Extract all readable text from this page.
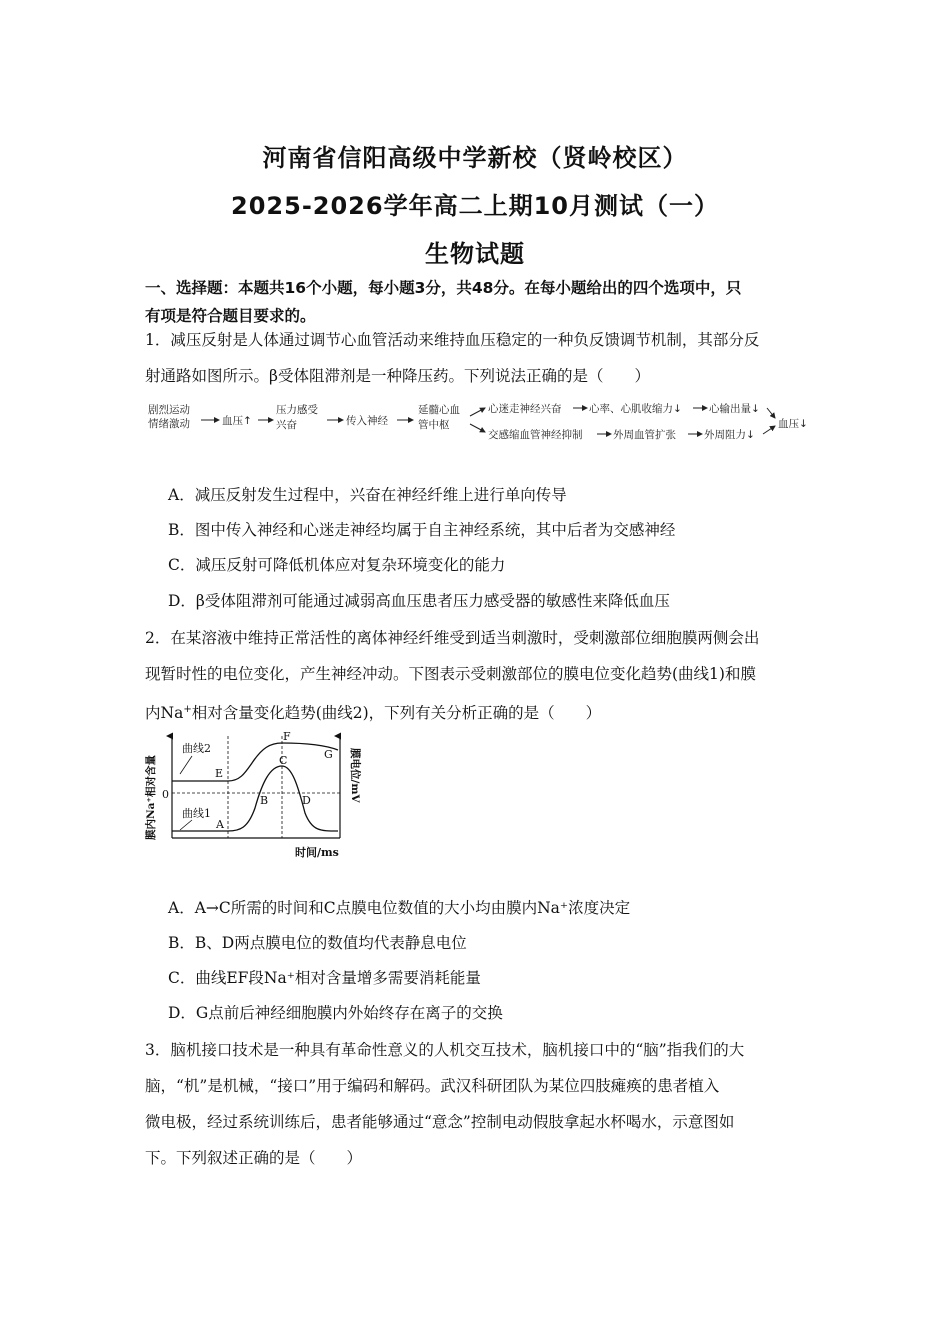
河南省信阳高级中学新校（贤岭校区）
2025-2026学年高二上期10月测试（一）
生物试题
一、选择题：本题共16个小题，每小题3分，共48分。在每小题给出的四个选项中，只
有项是符合题目要求的。
1．减压反射是人体通过调节心血管活动来维持血压稳定的一种负反馈调节机制，其部分反
射通路如图所示。β受体阻滞剂是一种降压药。下列说法正确的是（　　）
剧烈运动
情绪激动	血压↑
压力感受
兴奋	传入神经
延髓心血
管中枢
心迷走神经兴奋	心率、心肌收缩力↓	心输出量↓
交感缩血管神经抑制	外周血管扩张	外周阻力↓
血压↓
A．减压反射发生过程中，兴奋在神经纤维上进行单向传导
B．图中传入神经和心迷走神经均属于自主神经系统，其中后者为交感神经
C．减压反射可降低机体应对复杂环境变化的能力
D．β受体阻滞剂可能通过减弱高血压患者压力感受器的敏感性来降低血压
2．在某溶液中维持正常活性的离体神经纤维受到适当刺激时，受刺激部位细胞膜两侧会出
现暂时性的电位变化，产生神经冲动。下图表示受刺激部位的膜电位变化趋势(曲线1)和膜
内Na+相对含量变化趋势(曲线2)，下列有关分析正确的是（　　）
曲线2
曲线1
0
A
B
C
D
E
F
G
时间/ms
膜内Na⁺相对含量	膜电位/mV
A．A→C所需的时间和C点膜电位数值的大小均由膜内Na⁺浓度决定
B．B、D两点膜电位的数值均代表静息电位
C．曲线EF段Na⁺相对含量增多需要消耗能量
D．G点前后神经细胞膜内外始终存在离子的交换
3．脑机接口技术是一种具有革命性意义的人机交互技术，脑机接口中的“脑”指我们的大
脑，“机”是机械，“接口”用于编码和解码。武汉科研团队为某位四肢瘫痪的患者植入
微电极，经过系统训练后，患者能够通过“意念”控制电动假肢拿起水杯喝水，示意图如
下。下列叙述正确的是（　　）
